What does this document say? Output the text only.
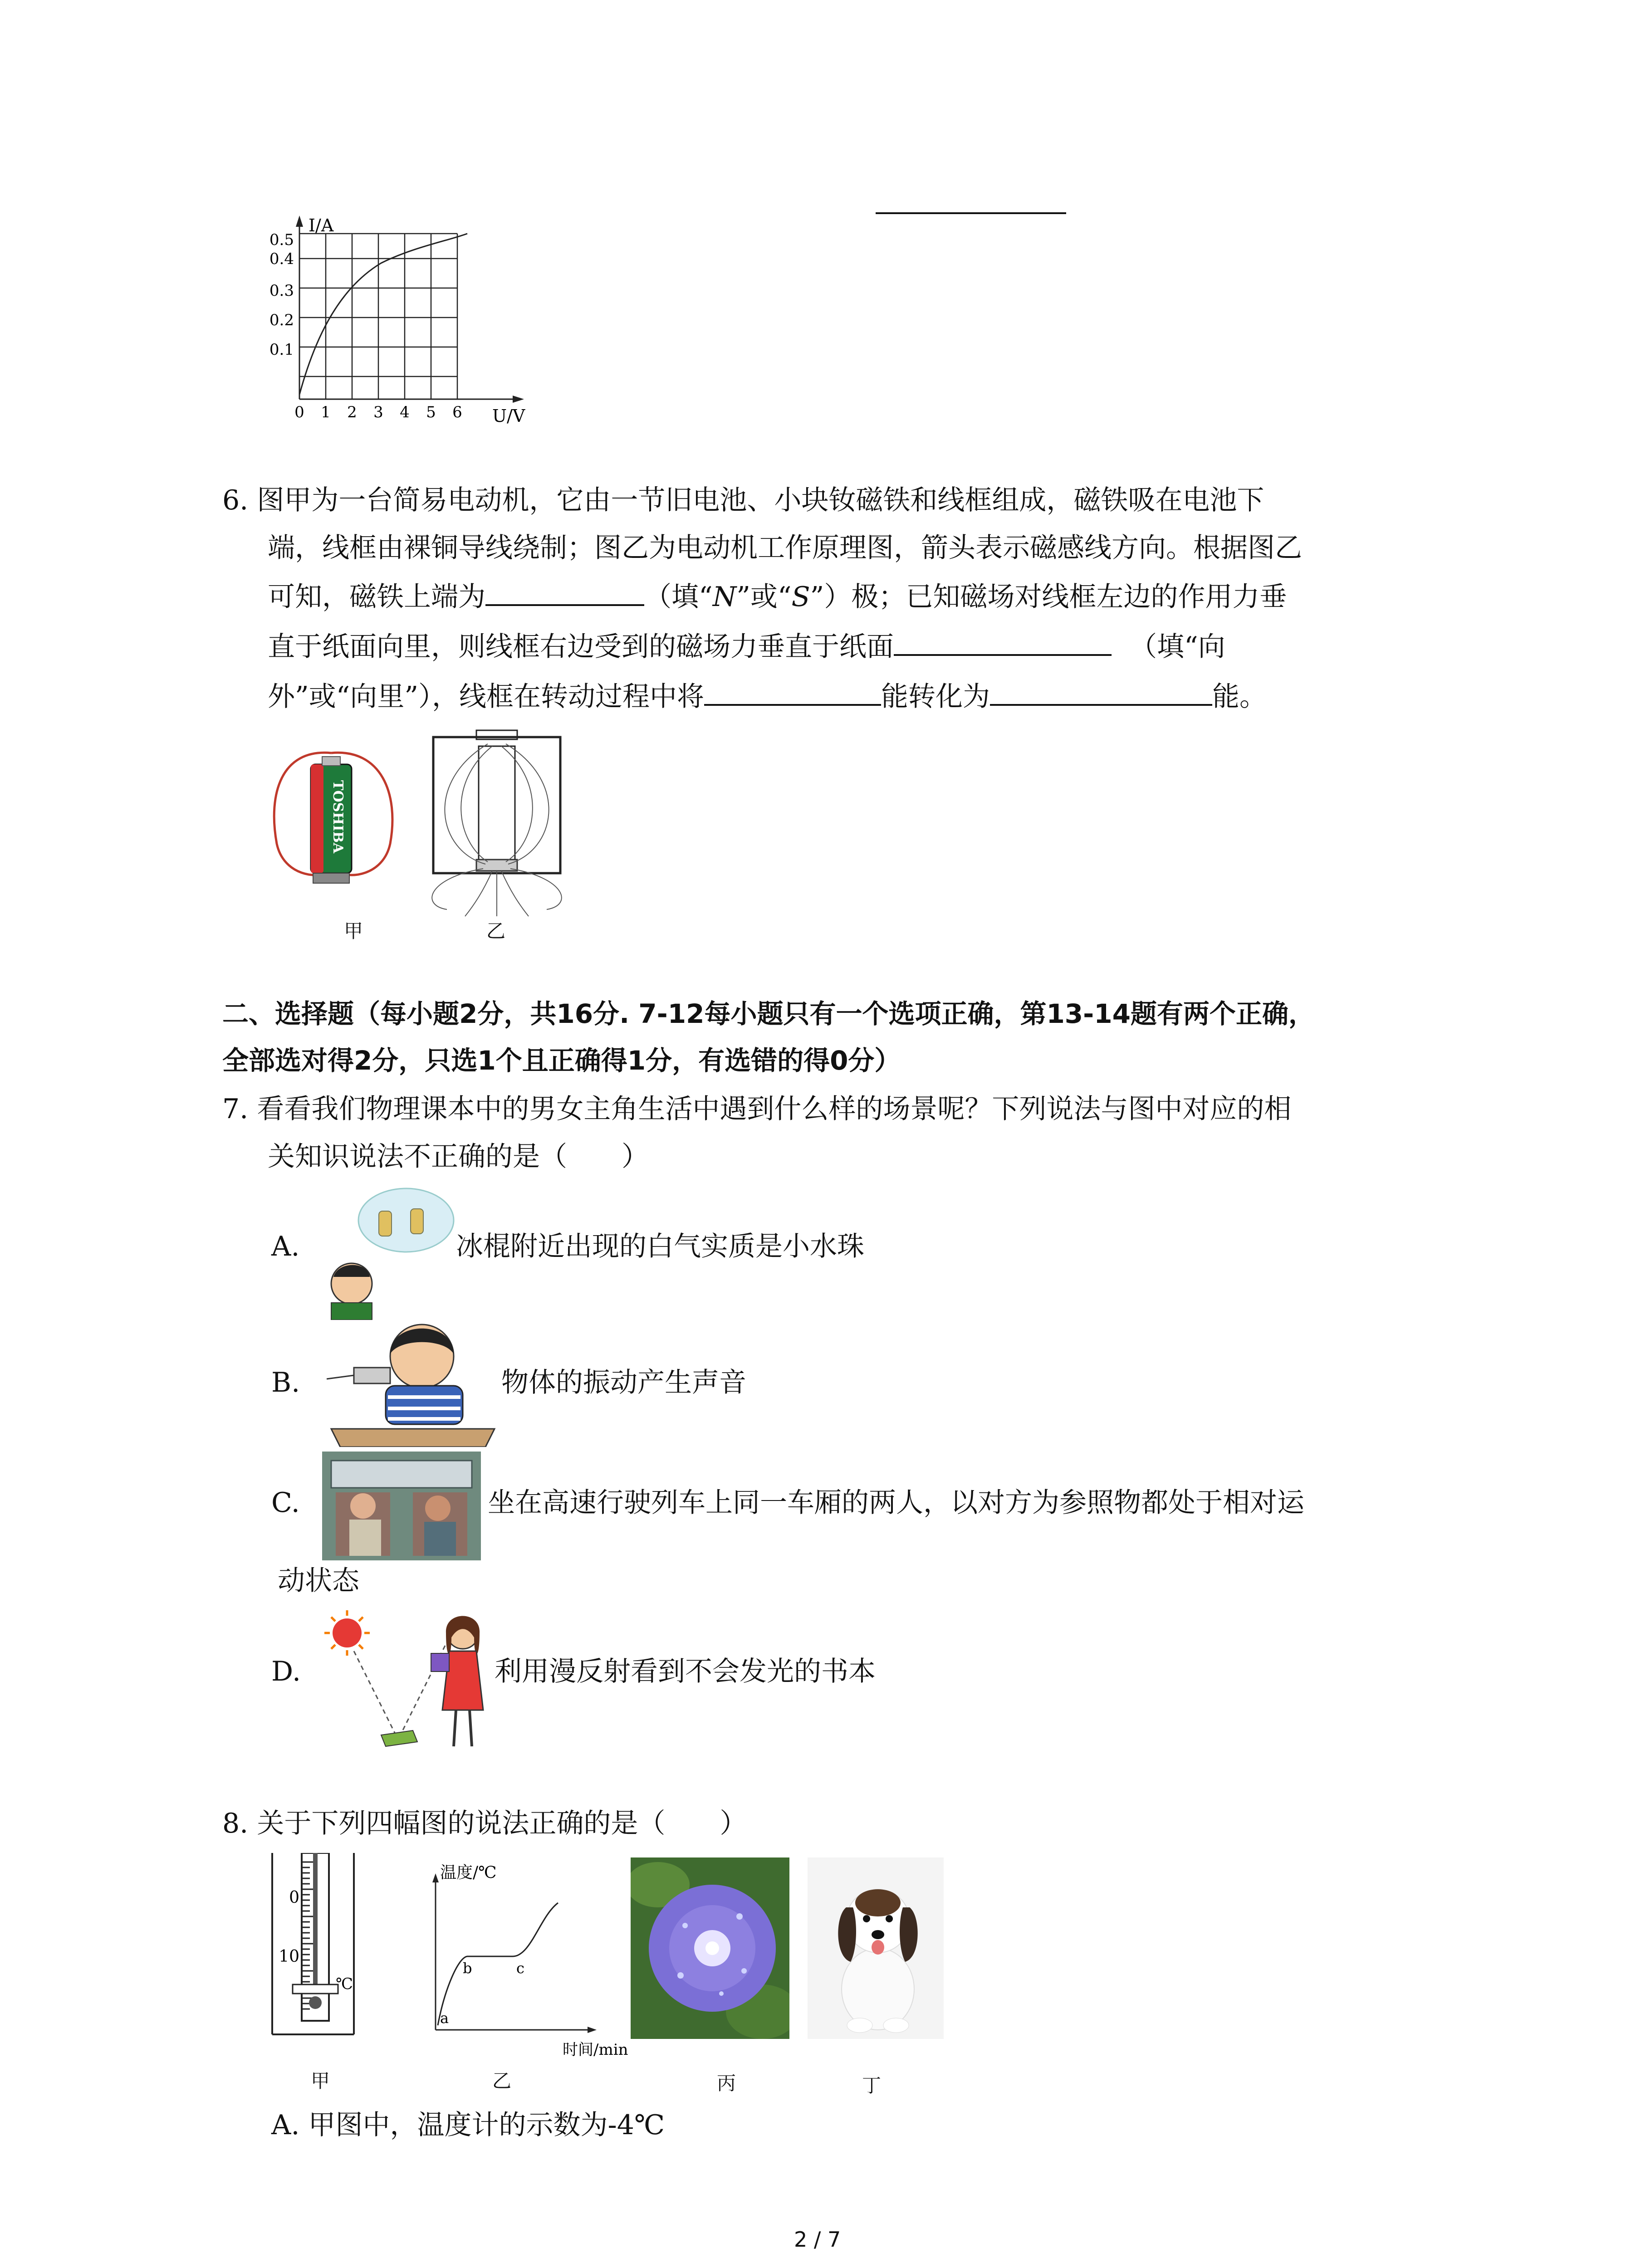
I/A
U/V
0.5
0.4
0.3
0.2
0.1
0 1 2 3 4 5 6
6. 图甲为一台简易电动机，它由一节旧电池、小块钕磁铁和线框组成，磁铁吸在电池下
端，线框由裸铜导线绕制；图乙为电动机工作原理图，箭头表示磁感线方向。根据图乙
可知，磁铁上端为	（填“N”或“S”）极；已知磁场对线框左边的作用力垂
直于纸面向里，则线框右边受到的磁场力垂直于纸面	（填“向
外”或“向里”），线框在转动过程中将	能转化为	能。
TOSHIBA
甲	乙
二、选择题（每小题2分，共16分. 7-12每小题只有一个选项正确，第13-14题有两个正确，
全部选对得2分，只选1个且正确得1分，有选错的得0分）
7. 看看我们物理课本中的男女主角生活中遇到什么样的场景呢？下列说法与图中对应的相
关知识说法不正确的是（　　）
A.	冰棍附近出现的白气实质是小水珠
B.	物体的振动产生声音
C.	坐在高速行驶列车上同一车厢的两人，以对方为参照物都处于相对运
动状态
D.	利用漫反射看到不会发光的书本
8. 关于下列四幅图的说法正确的是（　　）
0
10
℃
甲
温度/℃
时间/min
a
b	c
乙	丙	丁
A. 甲图中，温度计的示数为-4℃
2 / 7
